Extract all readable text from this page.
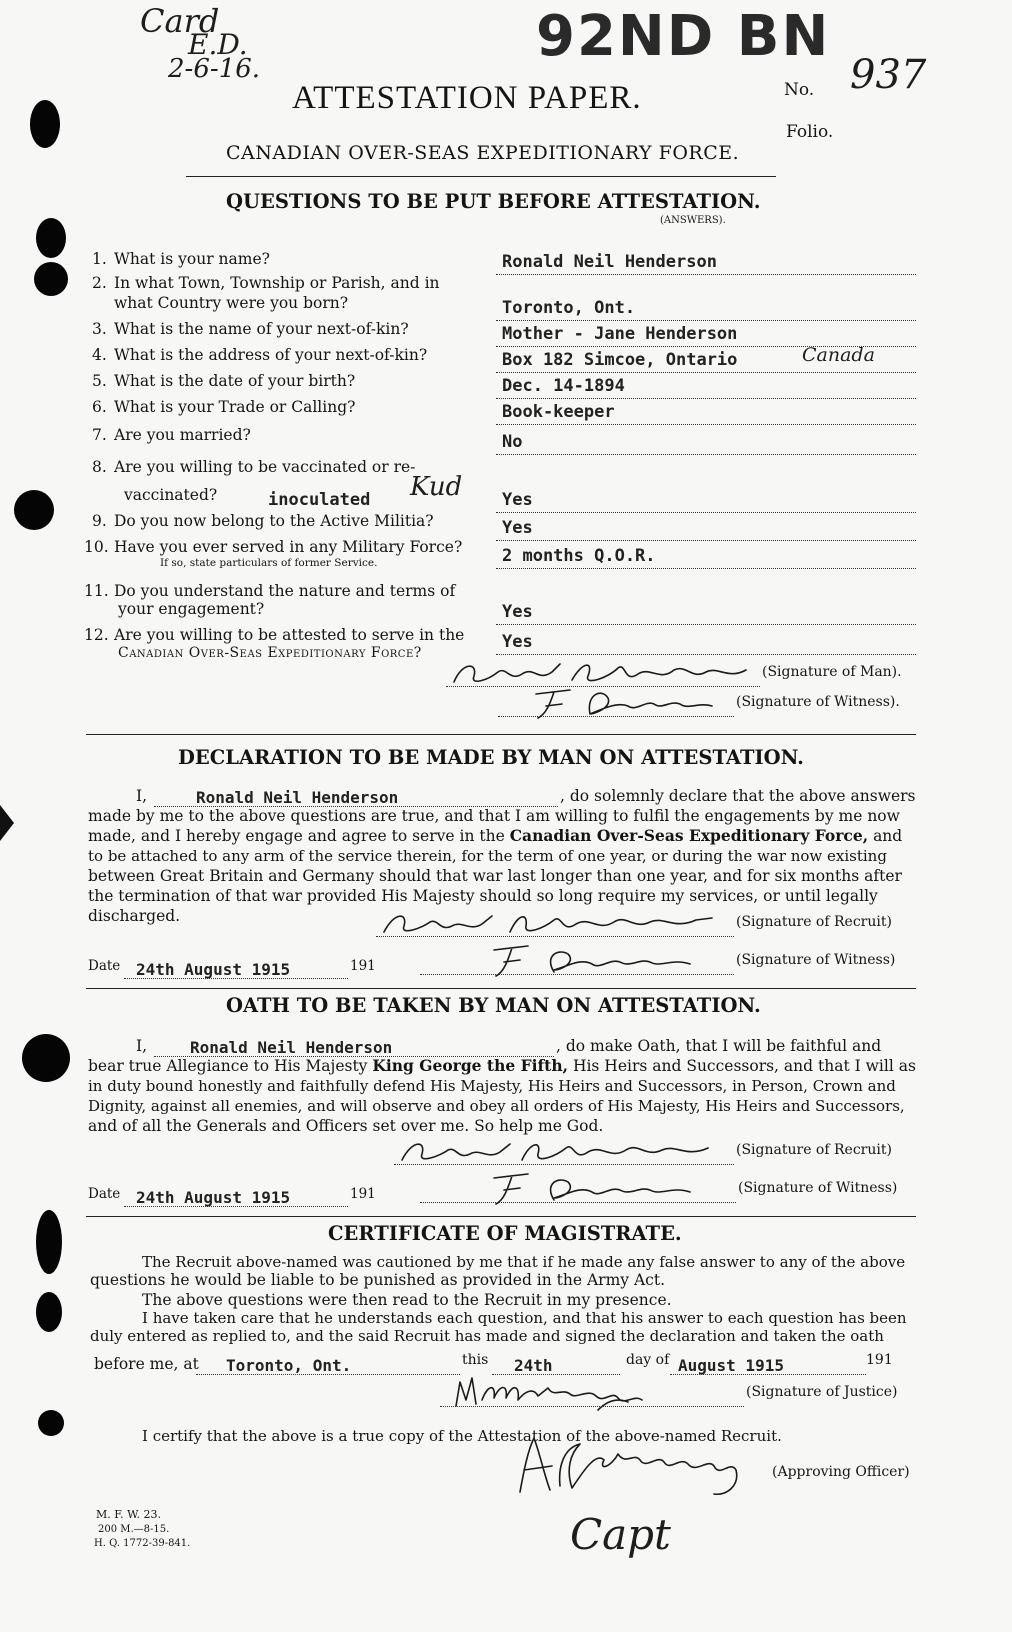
Card
E.D.
2-6-16.	92ND BN
ATTESTATION PAPER.	No. 937
Folio.
CANADIAN OVER-SEAS EXPEDITIONARY FORCE.
QUESTIONS TO BE PUT BEFORE ATTESTATION.
(ANSWERS).
1. What is your name?	Ronald Neil Henderson
2. In what Town, Township or Parish, and in
what Country were you born?	Toronto, Ont.
3. What is the name of your next-of-kin?	Mother - Jane Henderson
4. What is the address of your next-of-kin?	Box 182 Simcoe, Ontario	Canada
5. What is the date of your birth?	Dec. 14-1894
6. What is your Trade or Calling?	Book-keeper
7. Are you married?	No
8. Are you willing to be vaccinated or re-
vaccinated?	inoculated Kud Yes
9. Do you now belong to the Active Militia?	Yes
10. Have you ever served in any Military Force?
If so, state particulars of former Service.	2 months Q.O.R.
11. Do you understand the nature and terms of
your engagement?	Yes
12. Are you willing to be attested to serve in the
Canadian Over-Seas Expeditionary Force?
Yes
(Signature of Man).
(Signature of Witness).
DECLARATION TO BE MADE BY MAN ON ATTESTATION.
I,	Ronald Neil Henderson	, do solemnly declare that the above answers
made by me to the above questions are true, and that I am willing to fulfil the engagements by me now
made, and I hereby engage and agree to serve in the Canadian Over-Seas Expeditionary Force, and
to be attached to any arm of the service therein, for the term of one year, or during the war now existing
between Great Britain and Germany should that war last longer than one year, and for six months after
the termination of that war provided His Majesty should so long require my services, or until legally
discharged.	(Signature of Recruit)
Date 24th August 1915	191	(Signature of Witness)
OATH TO BE TAKEN BY MAN ON ATTESTATION.
I,	Ronald Neil Henderson	, do make Oath, that I will be faithful and
bear true Allegiance to His Majesty King George the Fifth, His Heirs and Successors, and that I will as
in duty bound honestly and faithfully defend His Majesty, His Heirs and Successors, in Person, Crown and
Dignity, against all enemies, and will observe and obey all orders of His Majesty, His Heirs and Successors,
and of all the Generals and Officers set over me. So help me God.
(Signature of Recruit)
Date 24th August 1915	191	(Signature of Witness)
CERTIFICATE OF MAGISTRATE.
The Recruit above-named was cautioned by me that if he made any false answer to any of the above
questions he would be liable to be punished as provided in the Army Act.
The above questions were then read to the Recruit in my presence.
I have taken care that he understands each question, and that his answer to each question has been
duly entered as replied to, and the said Recruit has made and signed the declaration and taken the oath
before me, at Toronto, Ont.	this 24th	day of August 1915	191
(Signature of Justice)
I certify that the above is a true copy of the Attestation of the above-named Recruit.
(Approving Officer)
Capt
M. F. W. 23.
200 M.—8-15.
H. Q. 1772-39-841.
